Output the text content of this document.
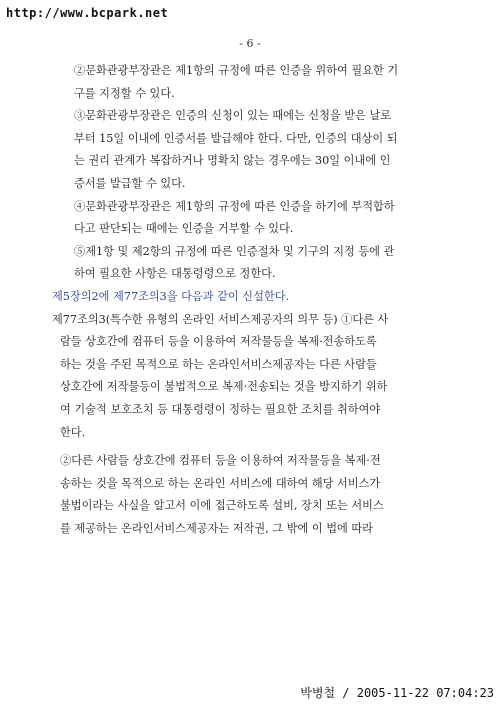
http://www.bcpark.net
- 6 -

②문화관광부장관은 제1항의 규정에 따른 인증을 위하여 필요한 기
구를 지정할 수 있다.

③문화관광부장관은 인증의 신청이 있는 때에는 신청을 받은 날로
부터 15일 이내에 인증서를 발급해야 한다. 다만, 인증의 대상이 되
는 권리 관계가 복잡하거나 명확치 않는 경우에는 30일 이내에 인
증서를 발급할 수 있다.

④문화관광부장관은 제1항의 규정에 따른 인증을 하기에 부적합하
다고 판단되는 때에는 인증을 거부할 수 있다.

⑤제1항 및 제2항의 규정에 따른 인증절차 및 기구의 지정 등에 관
하여 필요한 사항은 대통령령으로 정한다.

제5장의2에 제77조의3을 다음과 같이 신설한다.

제77조의3(특수한 유형의 온라인 서비스제공자의 의무 등) ①다른 사
람들 상호간에 컴퓨터 등을 이용하여 저작물등을 복제·전송하도록
하는 것을 주된 목적으로 하는 온라인서비스제공자는 다른 사람들
상호간에 저작물등이 불법적으로 복제·전송되는 것을 방지하기 위하
여 기술적 보호조치 등 대통령령이 정하는 필요한 조치를 취하여야
한다.

②다른 사람들 상호간에 컴퓨터 등을 이용하여 저작물등을 복제·전
송하는 것을 목적으로 하는 온라인 서비스에 대하여 해당 서비스가
불법이라는 사실을 알고서 이에 접근하도록 설비, 장치 또는 서비스
를 제공하는 온라인서비스제공자는 저작권, 그 밖에 이 법에 따라

박병철 / 2005-11-22 07:04:23
